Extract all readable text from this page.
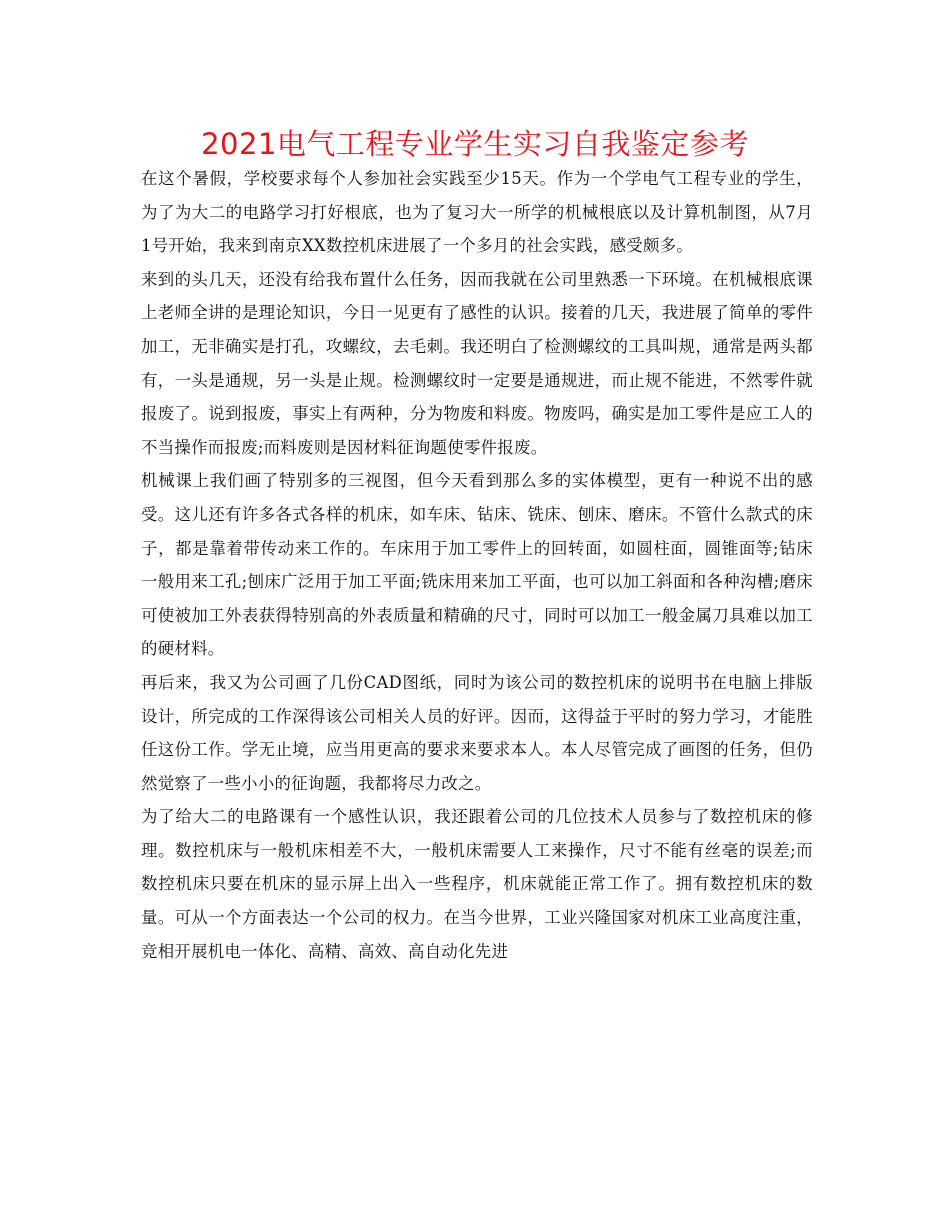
2021电气工程专业学生实习自我鉴定参考

在这个暑假，学校要求每个人参加社会实践至少15天。作为一个学电气工程专业的学生，为了为大二的电路学习打好根底，也为了复习大一所学的机械根底以及计算机制图，从7月1号开始，我来到南京XX数控机床进展了一个多月的社会实践，感受颇多。

来到的头几天，还没有给我布置什么任务，因而我就在公司里熟悉一下环境。在机械根底课上老师全讲的是理论知识，今日一见更有了感性的认识。接着的几天，我进展了简单的零件加工，无非确实是打孔，攻螺纹，去毛刺。我还明白了检测螺纹的工具叫规，通常是两头都有，一头是通规，另一头是止规。检测螺纹时一定要是通规进，而止规不能进，不然零件就报废了。说到报废，事实上有两种，分为物废和料废。物废吗，确实是加工零件是应工人的不当操作而报废;而料废则是因材料征询题使零件报废。

机械课上我们画了特别多的三视图，但今天看到那么多的实体模型，更有一种说不出的感受。这儿还有许多各式各样的机床，如车床、钻床、铣床、刨床、磨床。不管什么款式的床子，都是靠着带传动来工作的。车床用于加工零件上的回转面，如圆柱面，圆锥面等;钻床一般用来工孔;刨床广泛用于加工平面;铣床用来加工平面，也可以加工斜面和各种沟槽;磨床可使被加工外表获得特别高的外表质量和精确的尺寸，同时可以加工一般金属刀具难以加工的硬材料。

再后来，我又为公司画了几份CAD图纸，同时为该公司的数控机床的说明书在电脑上排版设计，所完成的工作深得该公司相关人员的好评。因而，这得益于平时的努力学习，才能胜任这份工作。学无止境，应当用更高的要求来要求本人。本人尽管完成了画图的任务，但仍然觉察了一些小小的征询题，我都将尽力改之。

为了给大二的电路课有一个感性认识，我还跟着公司的几位技术人员参与了数控机床的修理。数控机床与一般机床相差不大，一般机床需要人工来操作，尺寸不能有丝毫的误差;而数控机床只要在机床的显示屏上出入一些程序，机床就能正常工作了。拥有数控机床的数量。可从一个方面表达一个公司的权力。在当今世界，工业兴隆国家对机床工业高度注重，竞相开展机电一体化、高精、高效、高自动化先进
